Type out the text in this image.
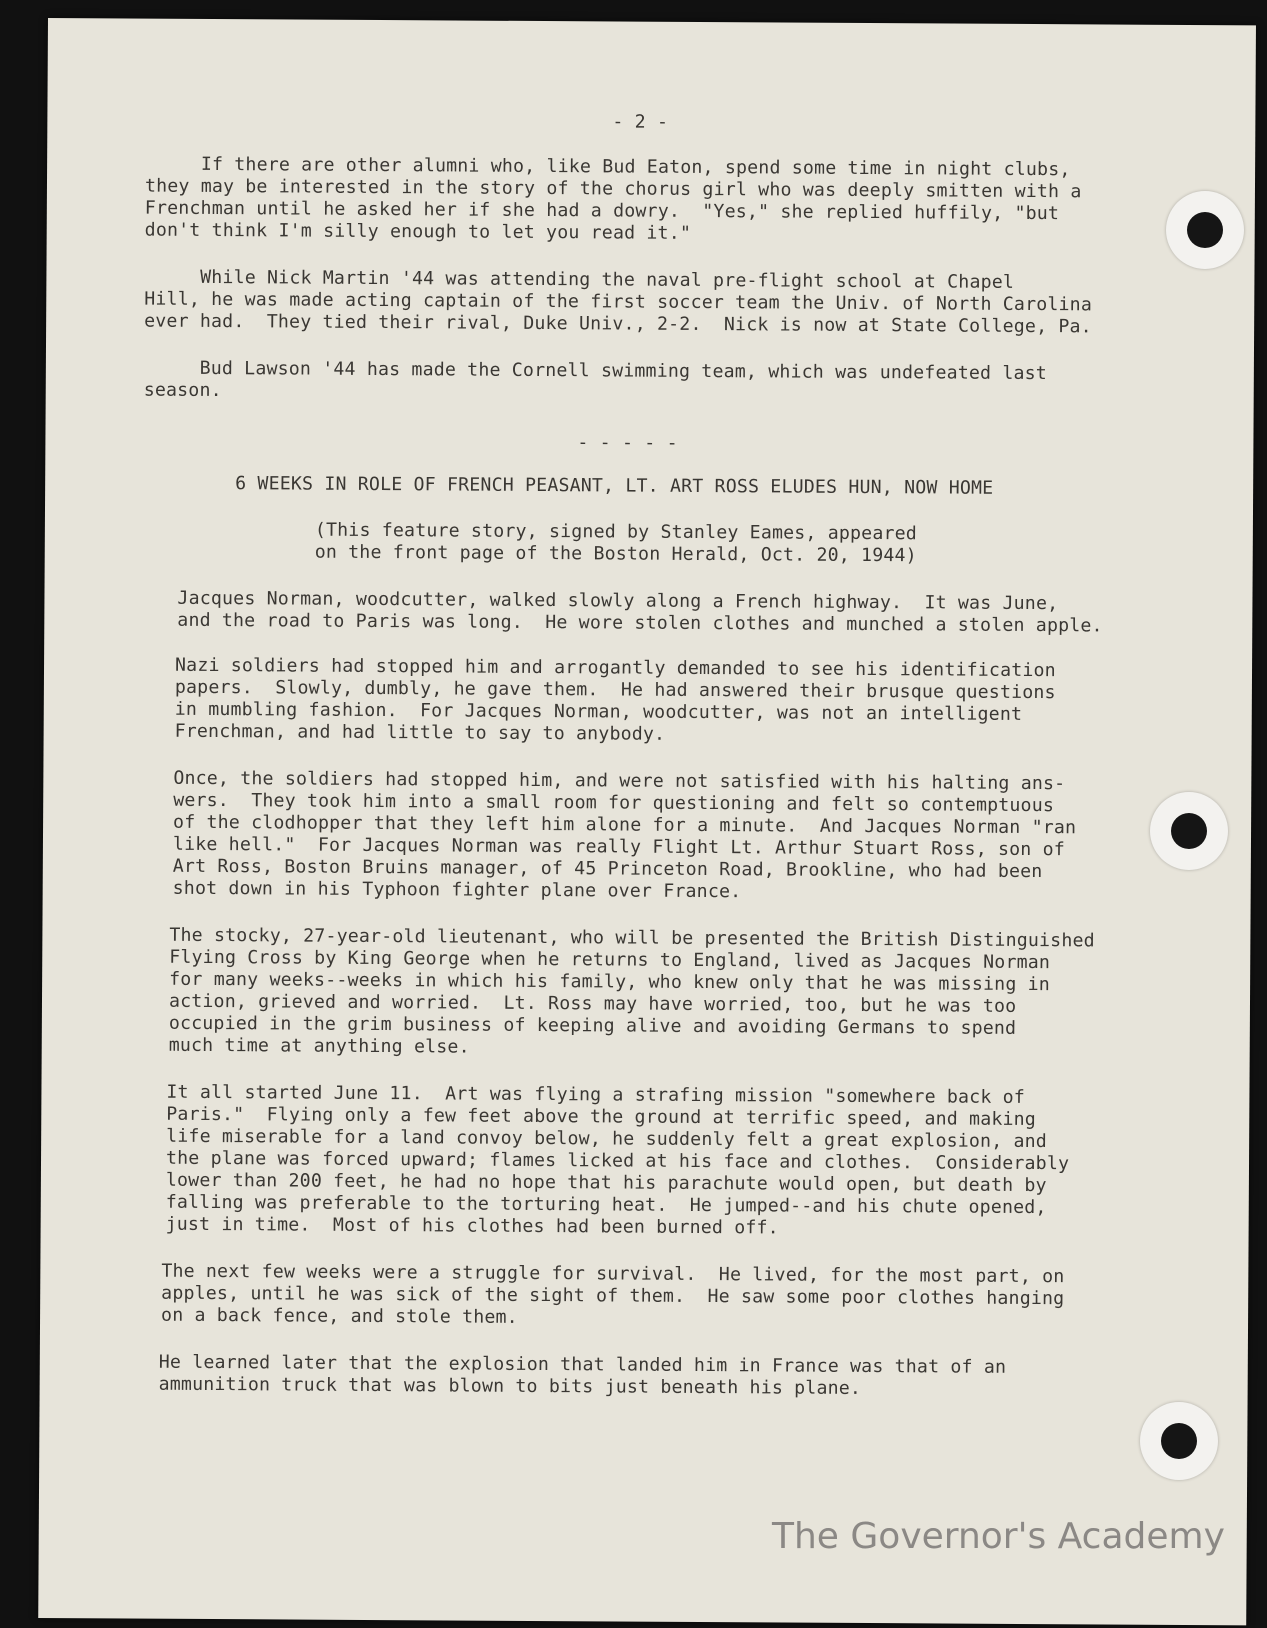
- 2 -

If there are other alumni who, like Bud Eaton, spend some time in night clubs,

they may be interested in the story of the chorus girl who was deeply smitten with a

Frenchman until he asked her if she had a dowry.  "Yes," she replied huffily, "but

don't think I'm silly enough to let you read it."

While Nick Martin '44 was attending the naval pre-flight school at Chapel

Hill, he was made acting captain of the first soccer team the Univ. of North Carolina

ever had.  They tied their rival, Duke Univ., 2-2.  Nick is now at State College, Pa.

Bud Lawson '44 has made the Cornell swimming team, which was undefeated last

season.

- - - - -

6 WEEKS IN ROLE OF FRENCH PEASANT, LT. ART ROSS ELUDES HUN, NOW HOME

(This feature story, signed by Stanley Eames, appeared

on the front page of the Boston Herald, Oct. 20, 1944)

Jacques Norman, woodcutter, walked slowly along a French highway.  It was June,

and the road to Paris was long.  He wore stolen clothes and munched a stolen apple.

Nazi soldiers had stopped him and arrogantly demanded to see his identification

papers.  Slowly, dumbly, he gave them.  He had answered their brusque questions

in mumbling fashion.  For Jacques Norman, woodcutter, was not an intelligent

Frenchman, and had little to say to anybody.

Once, the soldiers had stopped him, and were not satisfied with his halting ans-

wers.  They took him into a small room for questioning and felt so contemptuous

of the clodhopper that they left him alone for a minute.  And Jacques Norman "ran

like hell."  For Jacques Norman was really Flight Lt. Arthur Stuart Ross, son of

Art Ross, Boston Bruins manager, of 45 Princeton Road, Brookline, who had been

shot down in his Typhoon fighter plane over France.

The stocky, 27-year-old lieutenant, who will be presented the British Distinguished

Flying Cross by King George when he returns to England, lived as Jacques Norman

for many weeks--weeks in which his family, who knew only that he was missing in

action, grieved and worried.  Lt. Ross may have worried, too, but he was too

occupied in the grim business of keeping alive and avoiding Germans to spend

much time at anything else.

It all started June 11.  Art was flying a strafing mission "somewhere back of

Paris."  Flying only a few feet above the ground at terrific speed, and making

life miserable for a land convoy below, he suddenly felt a great explosion, and

the plane was forced upward; flames licked at his face and clothes.  Considerably

lower than 200 feet, he had no hope that his parachute would open, but death by

falling was preferable to the torturing heat.  He jumped--and his chute opened,

just in time.  Most of his clothes had been burned off.

The next few weeks were a struggle for survival.  He lived, for the most part, on

apples, until he was sick of the sight of them.  He saw some poor clothes hanging

on a back fence, and stole them.

He learned later that the explosion that landed him in France was that of an

ammunition truck that was blown to bits just beneath his plane.

The Governor's Academy
